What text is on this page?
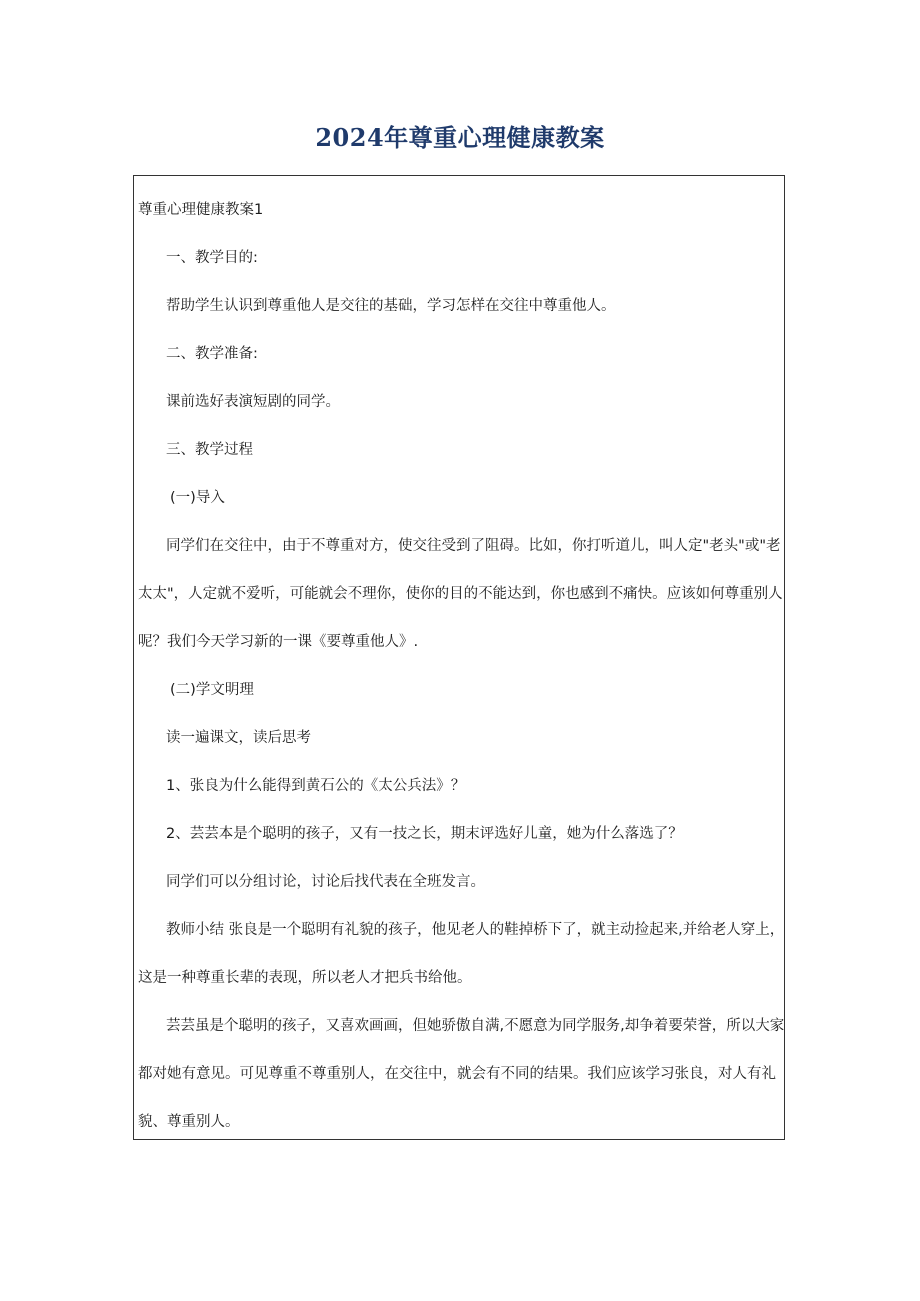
2024年尊重心理健康教案
尊重心理健康教案1
一、教学目的:
帮助学生认识到尊重他人是交往的基础，学习怎样在交往中尊重他人。
二、教学准备:
课前选好表演短剧的同学。
三、教学过程
(一)导入
同学们在交往中，由于不尊重对方，使交往受到了阻碍。比如，你打听道儿，叫人定"老头"或"老
太太"，人定就不爱听，可能就会不理你，使你的目的不能达到，你也感到不痛快。应该如何尊重别人
呢？我们今天学习新的一课《要尊重他人》.
(二)学文明理
读一遍课文，读后思考
1、张良为什么能得到黄石公的《太公兵法》？
2、芸芸本是个聪明的孩子，又有一技之长，期末评选好儿童，她为什么落选了？
同学们可以分组讨论，讨论后找代表在全班发言。
教师小结 张良是一个聪明有礼貌的孩子，他见老人的鞋掉桥下了，就主动捡起来,并给老人穿上，
这是一种尊重长辈的表现，所以老人才把兵书给他。
芸芸虽是个聪明的孩子，又喜欢画画，但她骄傲自满,不愿意为同学服务,却争着要荣誉，所以大家
都对她有意见。可见尊重不尊重别人，在交往中，就会有不同的结果。我们应该学习张良，对人有礼
貌、尊重别人。
